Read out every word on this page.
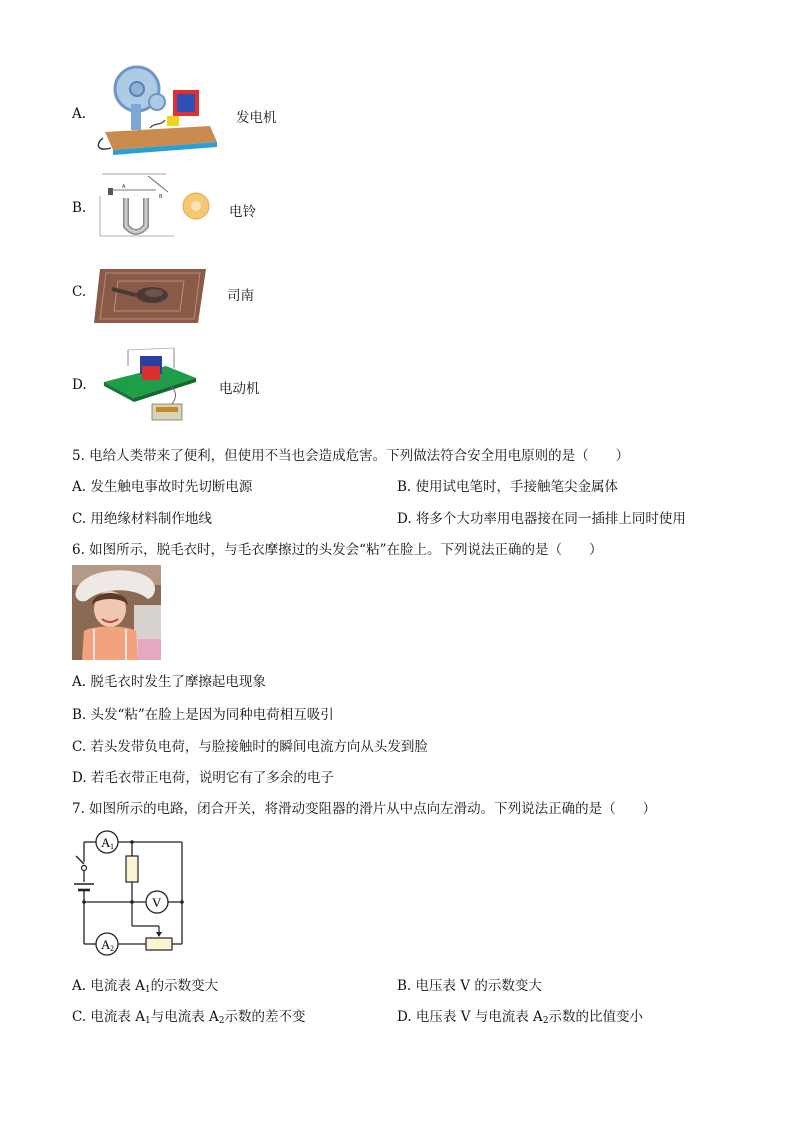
A.	发电机
B.
A
B
电铃
C.	司南
D.	电动机
5. 电给人类带来了便利，但使用不当也会造成危害。下列做法符合安全用电原则的是（　　）
A. 发生触电事故时先切断电源	B. 使用试电笔时，手接触笔尖金属体
C. 用绝缘材料制作地线	D. 将多个大功率用电器接在同一插排上同时使用
6. 如图所示，脱毛衣时，与毛衣摩擦过的头发会“粘”在脸上。下列说法正确的是（　　）
A. 脱毛衣时发生了摩擦起电现象
B. 头发“粘”在脸上是因为同种电荷相互吸引
C. 若头发带负电荷，与脸接触时的瞬间电流方向从头发到脸
D. 若毛衣带正电荷，说明它有了多余的电子
7. 如图所示的电路，闭合开关，将滑动变阻器的滑片从中点向左滑动。下列说法正确的是（　　）
A 1
V
A 2
A. 电流表 $A_1$的示数变大	B. 电压表 V 的示数变大
C. 电流表 $A_1$与电流表 $A_2$示数的差不变	D. 电压表 V 与电流表 $A_2$示数的比值变小
